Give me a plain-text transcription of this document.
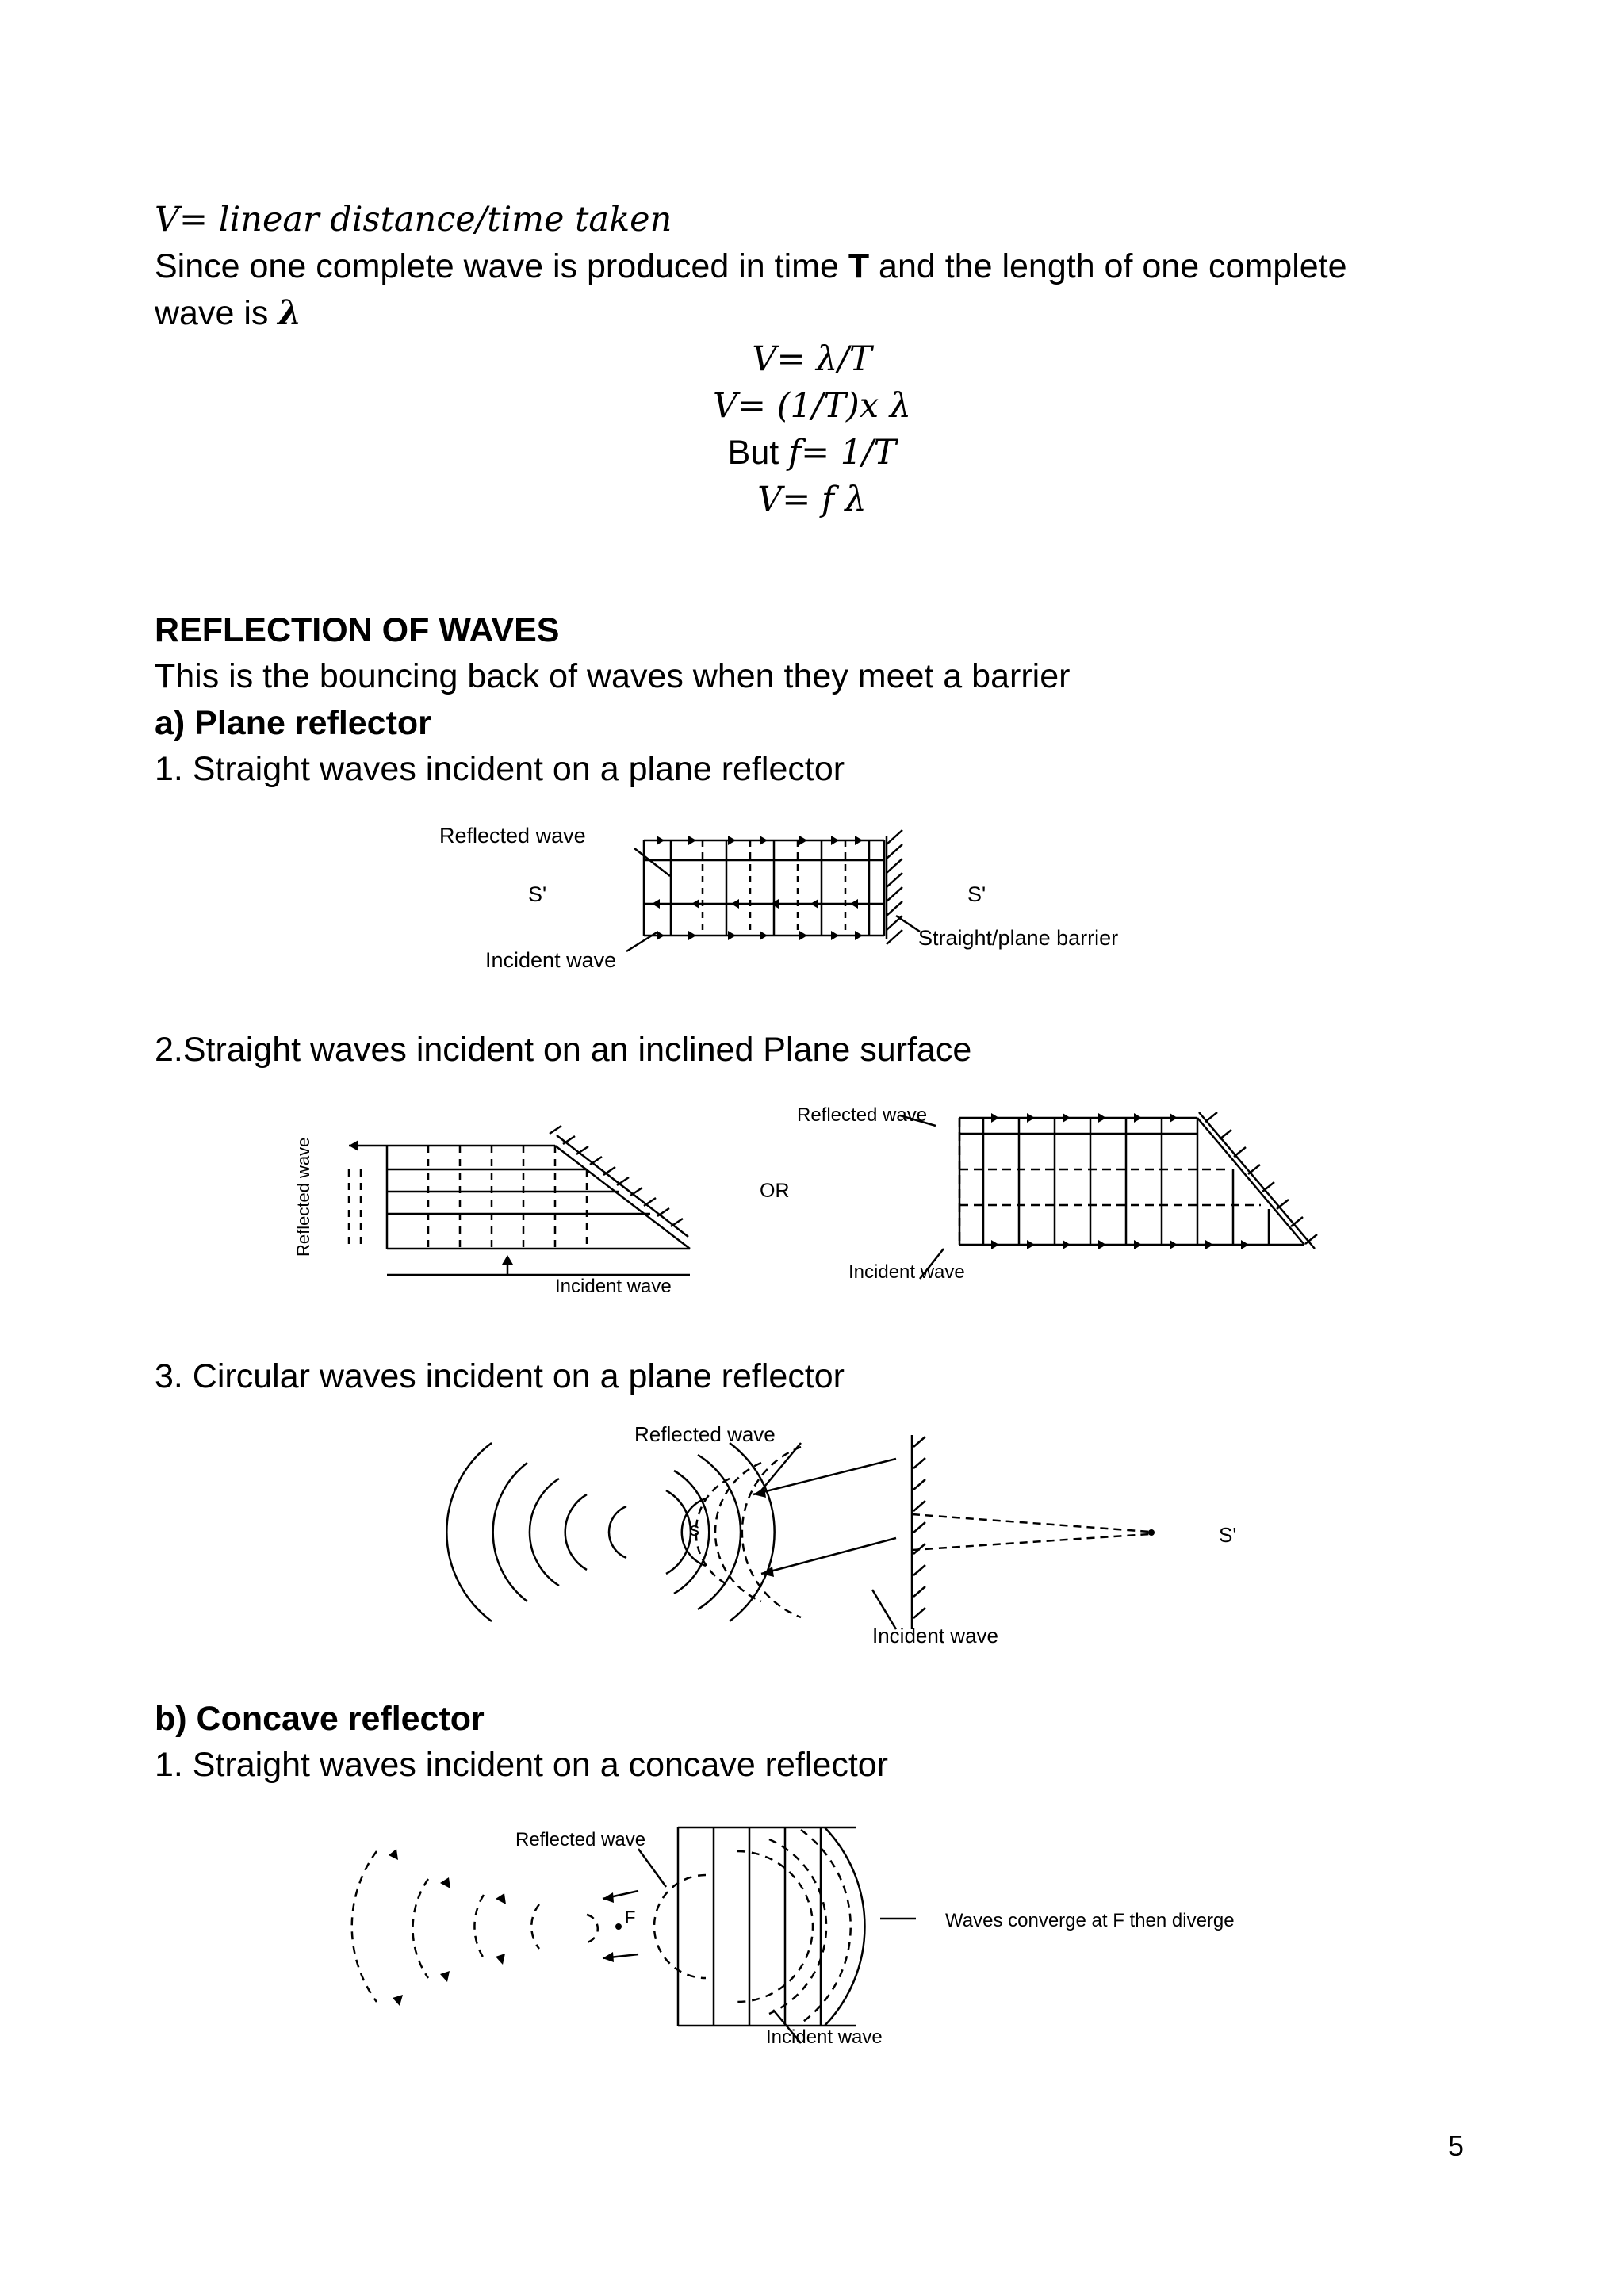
V= linear distance/time taken
Since one complete wave is produced in time T and the length of one complete
wave is λ
V= λ/T
V= (1/T)x λ
But f= 1/T
V= f λ
REFLECTION OF WAVES
This is the bouncing back of waves when they meet a barrier
a) Plane reflector
1. Straight waves incident on a plane reflector
Reflected wave
S'	S'
Incident wave
Straight/plane barrier
2.Straight waves incident on an inclined Plane surface
Reflected wave
Incident wave
OR
Reflected wave
Incident wave
3. Circular waves incident on a plane reflector
Reflected wave
s	S'
Incident wave
b) Concave reflector
1. Straight waves incident on a concave reflector
Reflected wave
F	Waves converge at F then diverge
Incident wave
5
